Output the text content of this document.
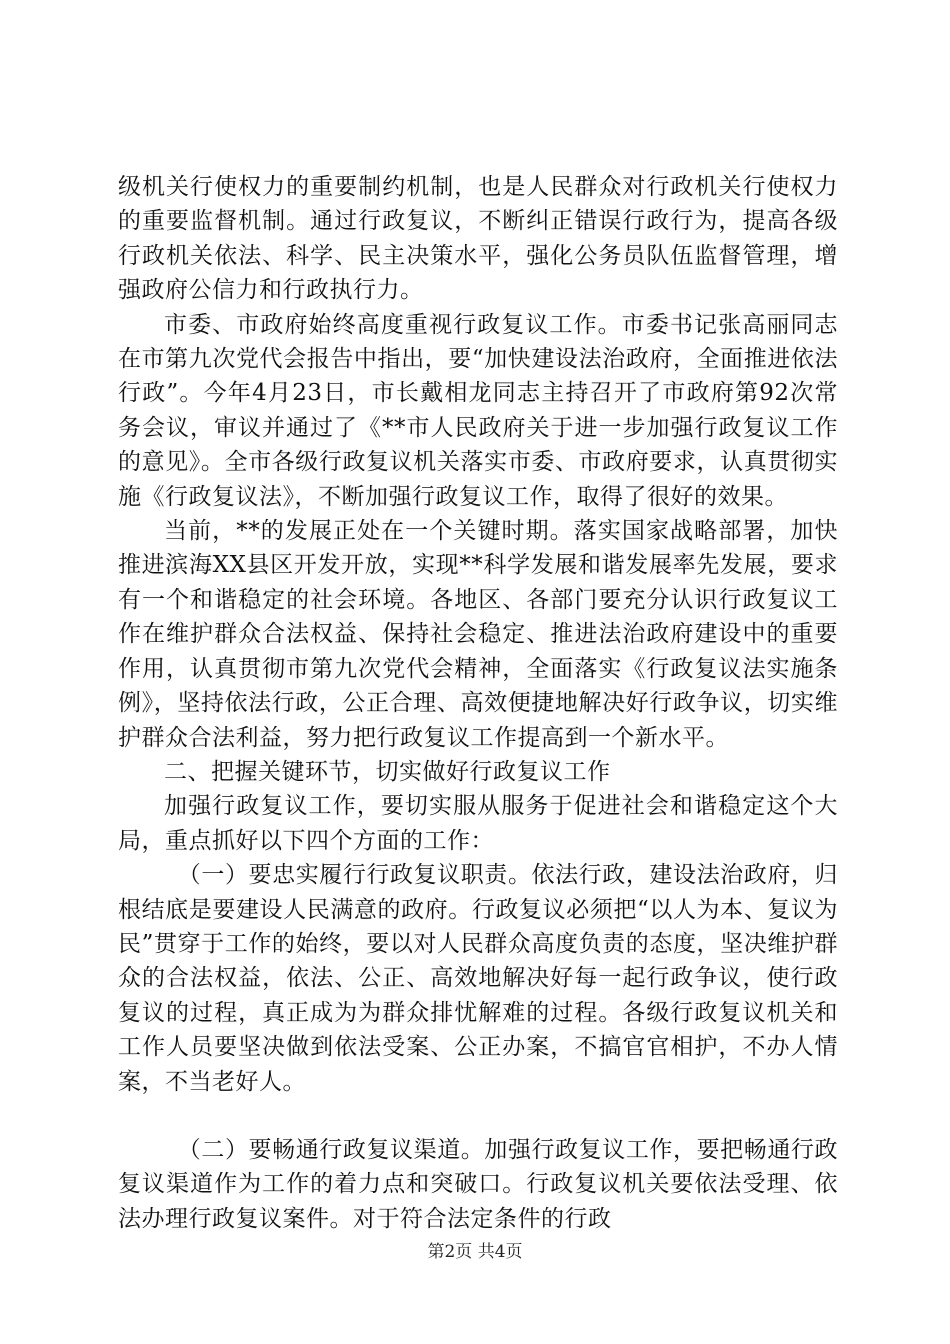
级机关行使权力的重要制约机制，也是人民群众对行政机关行使权力的重要监督机制。通过行政复议，不断纠正错误行政行为，提高各级行政机关依法、科学、民主决策水平，强化公务员队伍监督管理，增强政府公信力和行政执行力。

市委、市政府始终高度重视行政复议工作。市委书记张高丽同志在市第九次党代会报告中指出，要“加快建设法治政府，全面推进依法行政”。今年4月23日，市长戴相龙同志主持召开了市政府第92次常务会议，审议并通过了《**市人民政府关于进一步加强行政复议工作的意见》。全市各级行政复议机关落实市委、市政府要求，认真贯彻实施《行政复议法》，不断加强行政复议工作，取得了很好的效果。

当前，**的发展正处在一个关键时期。落实国家战略部署，加快推进滨海XX县区开发开放，实现**科学发展和谐发展率先发展，要求有一个和谐稳定的社会环境。各地区、各部门要充分认识行政复议工作在维护群众合法权益、保持社会稳定、推进法治政府建设中的重要作用，认真贯彻市第九次党代会精神，全面落实《行政复议法实施条例》，坚持依法行政，公正合理、高效便捷地解决好行政争议，切实维护群众合法利益，努力把行政复议工作提高到一个新水平。

二、把握关键环节，切实做好行政复议工作

加强行政复议工作，要切实服从服务于促进社会和谐稳定这个大局，重点抓好以下四个方面的工作：

（一）要忠实履行行政复议职责。依法行政，建设法治政府，归根结底是要建设人民满意的政府。行政复议必须把“以人为本、复议为民”贯穿于工作的始终，要以对人民群众高度负责的态度，坚决维护群众的合法权益，依法、公正、高效地解决好每一起行政争议，使行政复议的过程，真正成为为群众排忧解难的过程。各级行政复议机关和工作人员要坚决做到依法受案、公正办案，不搞官官相护，不办人情案，不当老好人。

（二）要畅通行政复议渠道。加强行政复议工作，要把畅通行政复议渠道作为工作的着力点和突破口。行政复议机关要依法受理、依法办理行政复议案件。对于符合法定条件的行政

第2页 共4页
